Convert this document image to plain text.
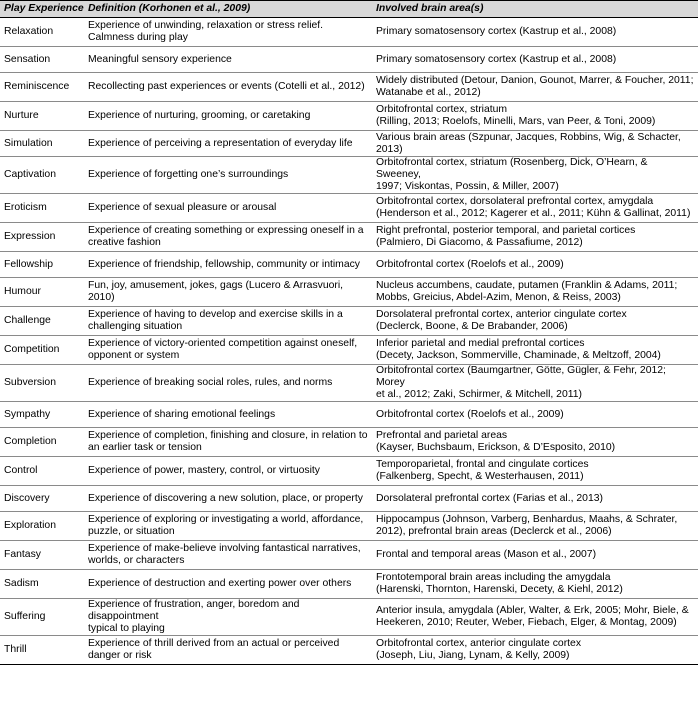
Play Experience	Definition (Korhonen et al., 2009)	Involved brain area(s)
Relaxation	Experience of unwinding, relaxation or stress relief.
Calmness during play	Primary somatosensory cortex (Kastrup et al., 2008)

Sensation	Meaningful sensory experience	Primary somatosensory cortex (Kastrup et al., 2008)

Reminiscence	Recollecting past experiences or events (Cotelli et al., 2012)	Widely distributed (Detour, Danion, Gounot, Marrer, & Foucher, 2011;
Watanabe et al., 2012)

Nurture	Experience of nurturing, grooming, or caretaking	Orbitofrontal cortex, striatum
(Rilling, 2013; Roelofs, Minelli, Mars, van Peer, & Toni, 2009)

Simulation	Experience of perceiving a representation of everyday life	Various brain areas (Szpunar, Jacques, Robbins, Wig, & Schacter, 2013)

Captivation	Experience of forgetting one’s surroundings	Orbitofrontal cortex, striatum (Rosenberg, Dick, O’Hearn, & Sweeney,
1997; Viskontas, Possin, & Miller, 2007)

Eroticism	Experience of sexual pleasure or arousal	Orbitofrontal cortex, dorsolateral prefrontal cortex, amygdala
(Henderson et al., 2012; Kagerer et al., 2011; Kühn & Gallinat, 2011)

Expression	Experience of creating something or expressing oneself in a
creative fashion	Right prefrontal, posterior temporal, and parietal cortices
(Palmiero, Di Giacomo, & Passafiume, 2012)

Fellowship	Experience of friendship, fellowship, community or intimacy	Orbitofrontal cortex (Roelofs et al., 2009)

Humour	Fun, joy, amusement, jokes, gags (Lucero & Arrasvuori, 2010)	Nucleus accumbens, caudate, putamen (Franklin & Adams, 2011;
Mobbs, Greicius, Abdel-Azim, Menon, & Reiss, 2003)

Challenge	Experience of having to develop and exercise skills in a
challenging situation	Dorsolateral prefrontal cortex, anterior cingulate cortex
(Declerck, Boone, & De Brabander, 2006)

Competition	Experience of victory-oriented competition against oneself,
opponent or system	Inferior parietal and medial prefrontal cortices
(Decety, Jackson, Sommerville, Chaminade, & Meltzoff, 2004)

Subversion	Experience of breaking social roles, rules, and norms	Orbitofrontal cortex (Baumgartner, Götte, Gügler, & Fehr, 2012; Morey
et al., 2012; Zaki, Schirmer, & Mitchell, 2011)

Sympathy	Experience of sharing emotional feelings	Orbitofrontal cortex (Roelofs et al., 2009)

Completion	Experience of completion, finishing and closure, in relation to
an earlier task or tension	Prefrontal and parietal areas
(Kayser, Buchsbaum, Erickson, & D’Esposito, 2010)

Control	Experience of power, mastery, control, or virtuosity	Temporoparietal, frontal and cingulate cortices
(Falkenberg, Specht, & Westerhausen, 2011)

Discovery	Experience of discovering a new solution, place, or property	Dorsolateral prefrontal cortex (Farias et al., 2013)

Exploration	Experience of exploring or investigating a world, affordance,
puzzle, or situation	Hippocampus (Johnson, Varberg, Benhardus, Maahs, & Schrater,
2012), prefrontal brain areas (Declerck et al., 2006)

Fantasy	Experience of make-believe involving fantastical narratives,
worlds, or characters	Frontal and temporal areas (Mason et al., 2007)

Sadism	Experience of destruction and exerting power over others	Frontotemporal brain areas including the amygdala
(Harenski, Thornton, Harenski, Decety, & Kiehl, 2012)

Suffering	Experience of frustration, anger, boredom and disappointment
typical to playing	Anterior insula, amygdala (Abler, Walter, & Erk, 2005; Mohr, Biele, &
Heekeren, 2010; Reuter, Weber, Fiebach, Elger, & Montag, 2009)

Thrill	Experience of thrill derived from an actual or perceived
danger or risk	Orbitofrontal cortex, anterior cingulate cortex
(Joseph, Liu, Jiang, Lynam, & Kelly, 2009)
